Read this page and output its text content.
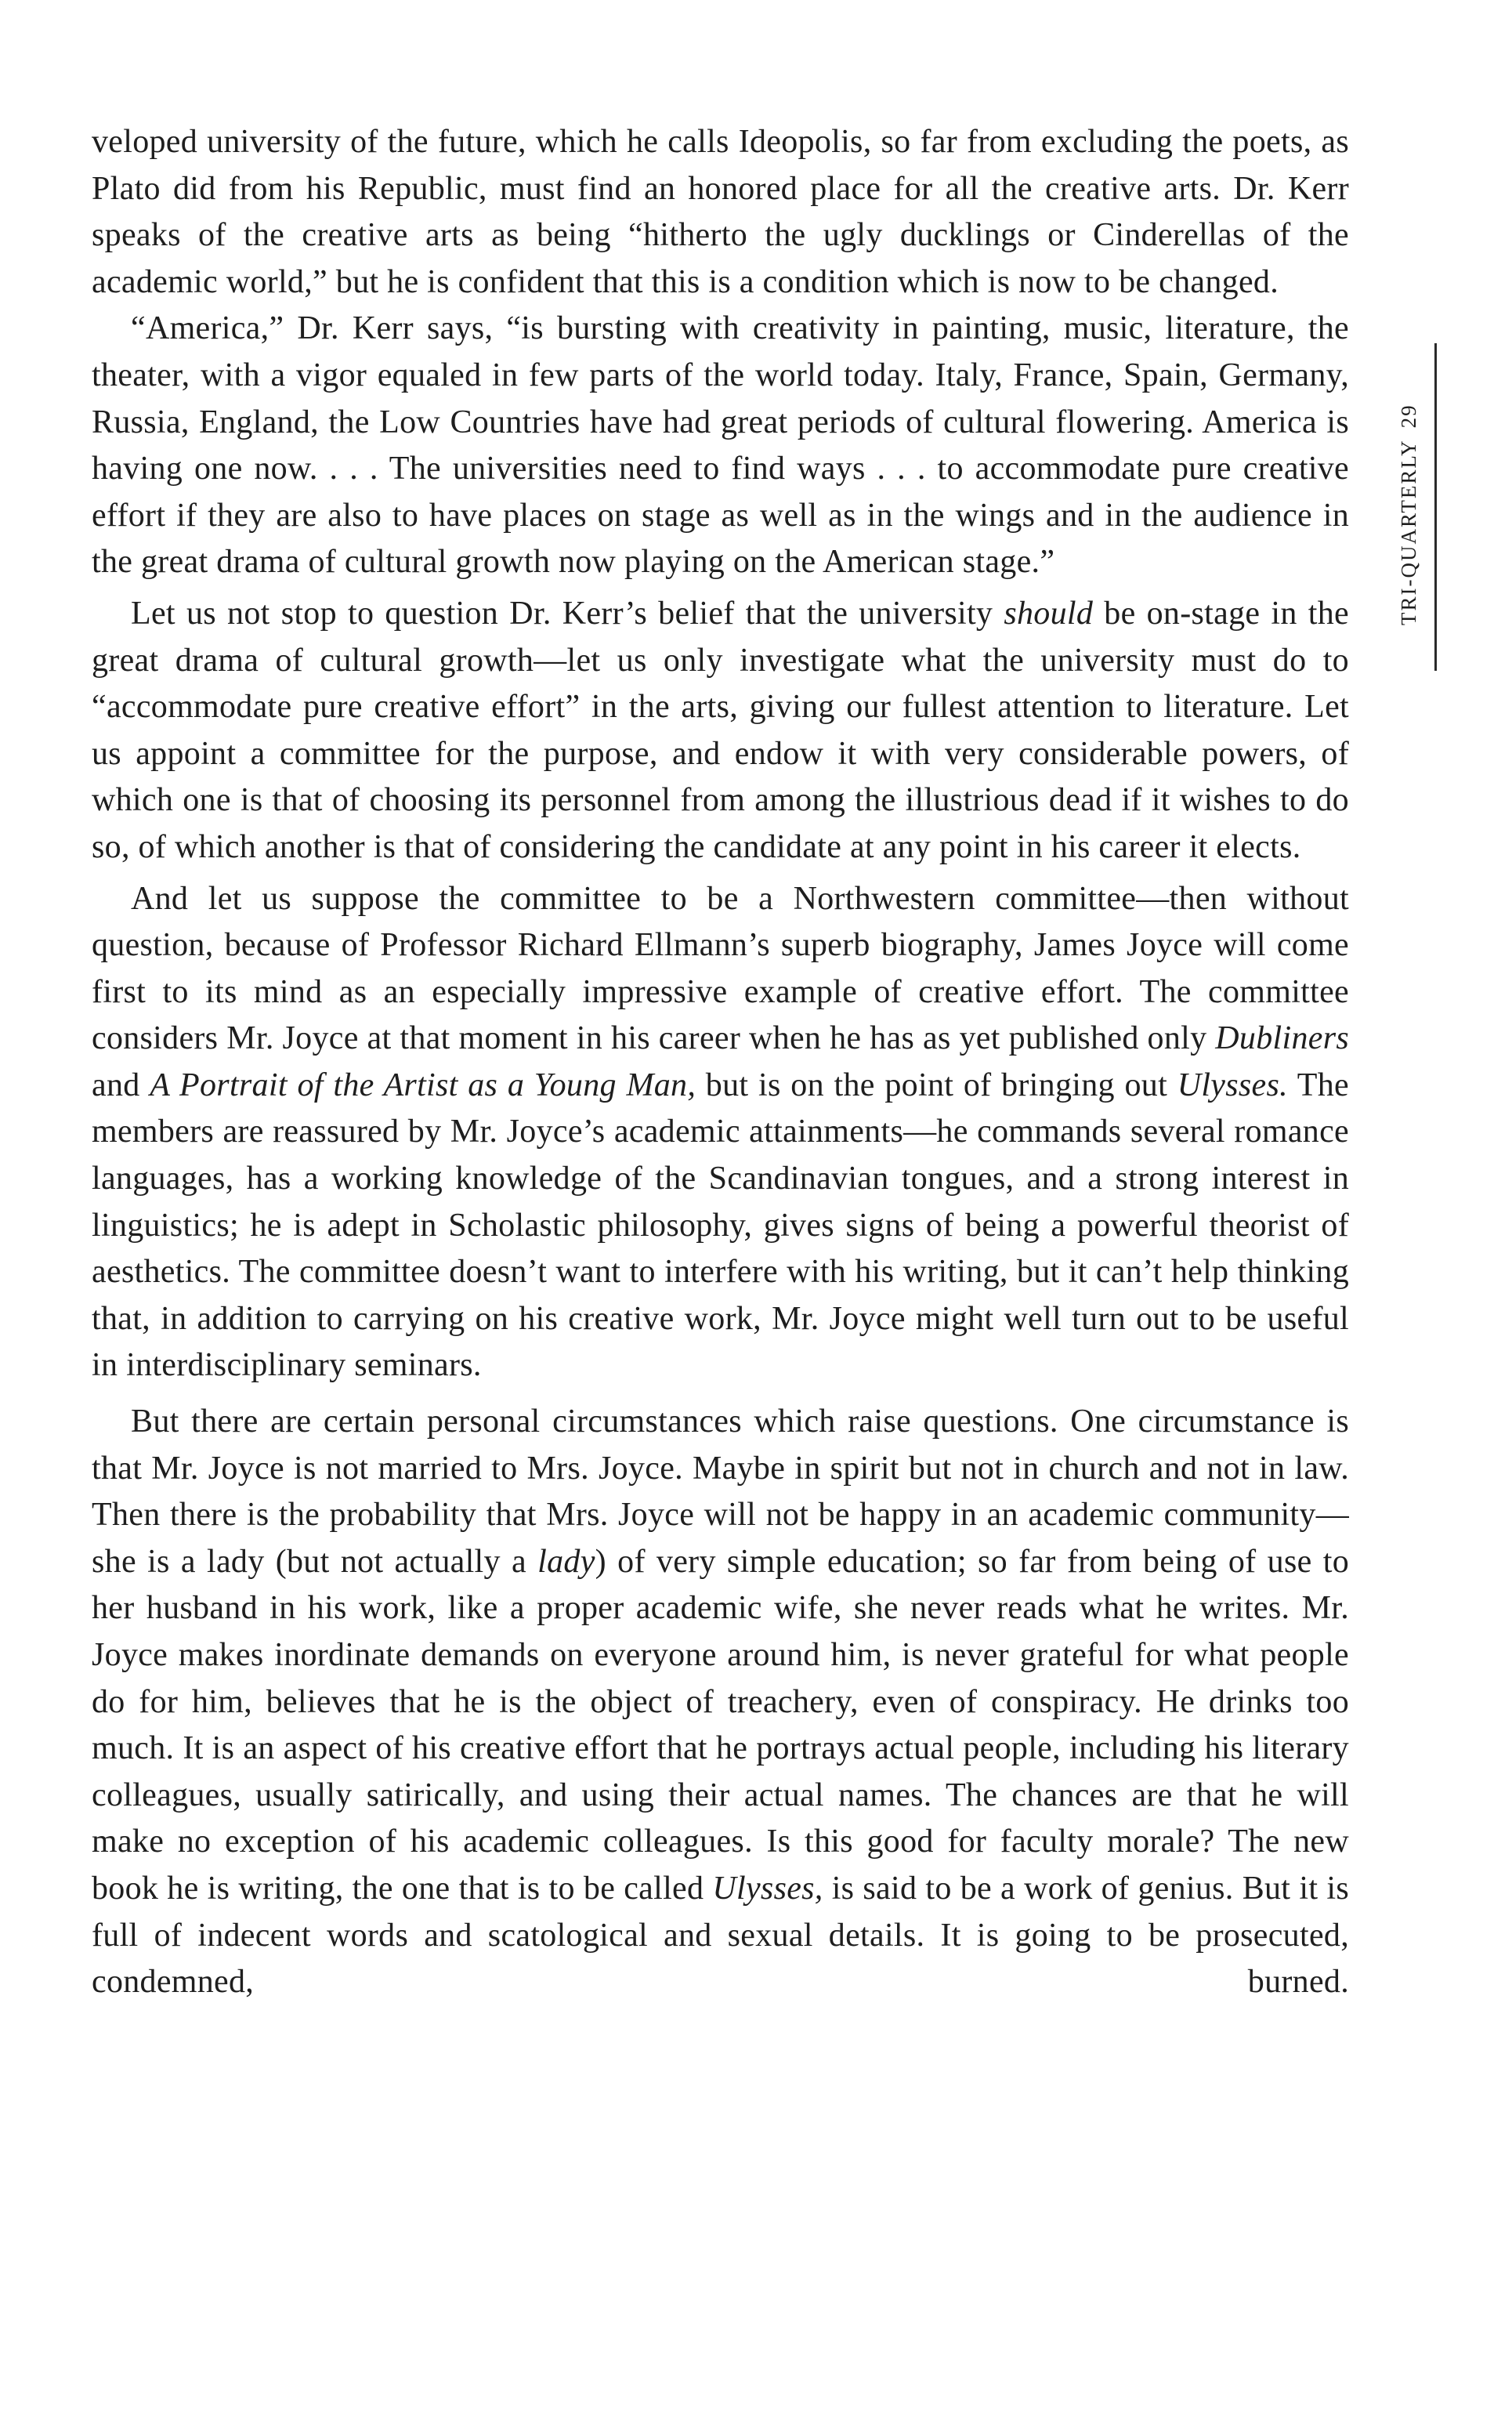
veloped university of the future, which he calls Ideopolis, so far from excluding the poets, as Plato did from his Republic, must find an honored place for all the creative arts. Dr. Kerr speaks of the creative arts as being “hitherto the ugly ducklings or Cinderellas of the academic world,” but he is confident that this is a condition which is now to be changed.

“America,” Dr. Kerr says, “is bursting with creativity in painting, music, literature, the theater, with a vigor equaled in few parts of the world today. Italy, France, Spain, Germany, Russia, England, the Low Countries have had great periods of cultural flowering. America is having one now. . . . The universities need to find ways . . . to accommodate pure creative effort if they are also to have places on stage as well as in the wings and in the audience in the great drama of cultural growth now playing on the American stage.”

Let us not stop to question Dr. Kerr’s belief that the university should be on-stage in the great drama of cultural growth—let us only investigate what the university must do to “accommodate pure creative effort” in the arts, giving our fullest attention to literature. Let us appoint a committee for the purpose, and endow it with very considerable powers, of which one is that of choosing its personnel from among the illustrious dead if it wishes to do so, of which another is that of considering the candidate at any point in his career it elects.

And let us suppose the committee to be a Northwestern committee—then without question, because of Professor Richard Ellmann’s superb biography, James Joyce will come first to its mind as an especially impressive example of creative effort. The committee considers Mr. Joyce at that moment in his career when he has as yet published only Dubliners and A Portrait of the Artist as a Young Man, but is on the point of bringing out Ulysses. The members are reassured by Mr. Joyce’s academic attainments—he commands several romance languages, has a working knowledge of the Scandinavian tongues, and a strong interest in linguistics; he is adept in Scholastic philosophy, gives signs of being a powerful theorist of aesthetics. The committee doesn’t want to interfere with his writing, but it can’t help thinking that, in addition to carrying on his creative work, Mr. Joyce might well turn out to be useful in interdisciplinary seminars.

But there are certain personal circumstances which raise questions. One circumstance is that Mr. Joyce is not married to Mrs. Joyce. Maybe in spirit but not in church and not in law. Then there is the probability that Mrs. Joyce will not be happy in an academic community—she is a lady (but not actually a lady) of very simple education; so far from being of use to her husband in his work, like a proper academic wife, she never reads what he writes. Mr. Joyce makes inordinate demands on everyone around him, is never grateful for what people do for him, believes that he is the object of treachery, even of conspiracy. He drinks too much. It is an aspect of his creative effort that he portrays actual people, including his literary colleagues, usually satirically, and using their actual names. The chances are that he will make no exception of his academic colleagues. Is this good for faculty morale? The new book he is writing, the one that is to be called Ulysses, is said to be a work of genius. But it is full of indecent words and scatological and sexual details. It is going to be prosecuted, condemned, burned.

TRI-QUARTERLY29
